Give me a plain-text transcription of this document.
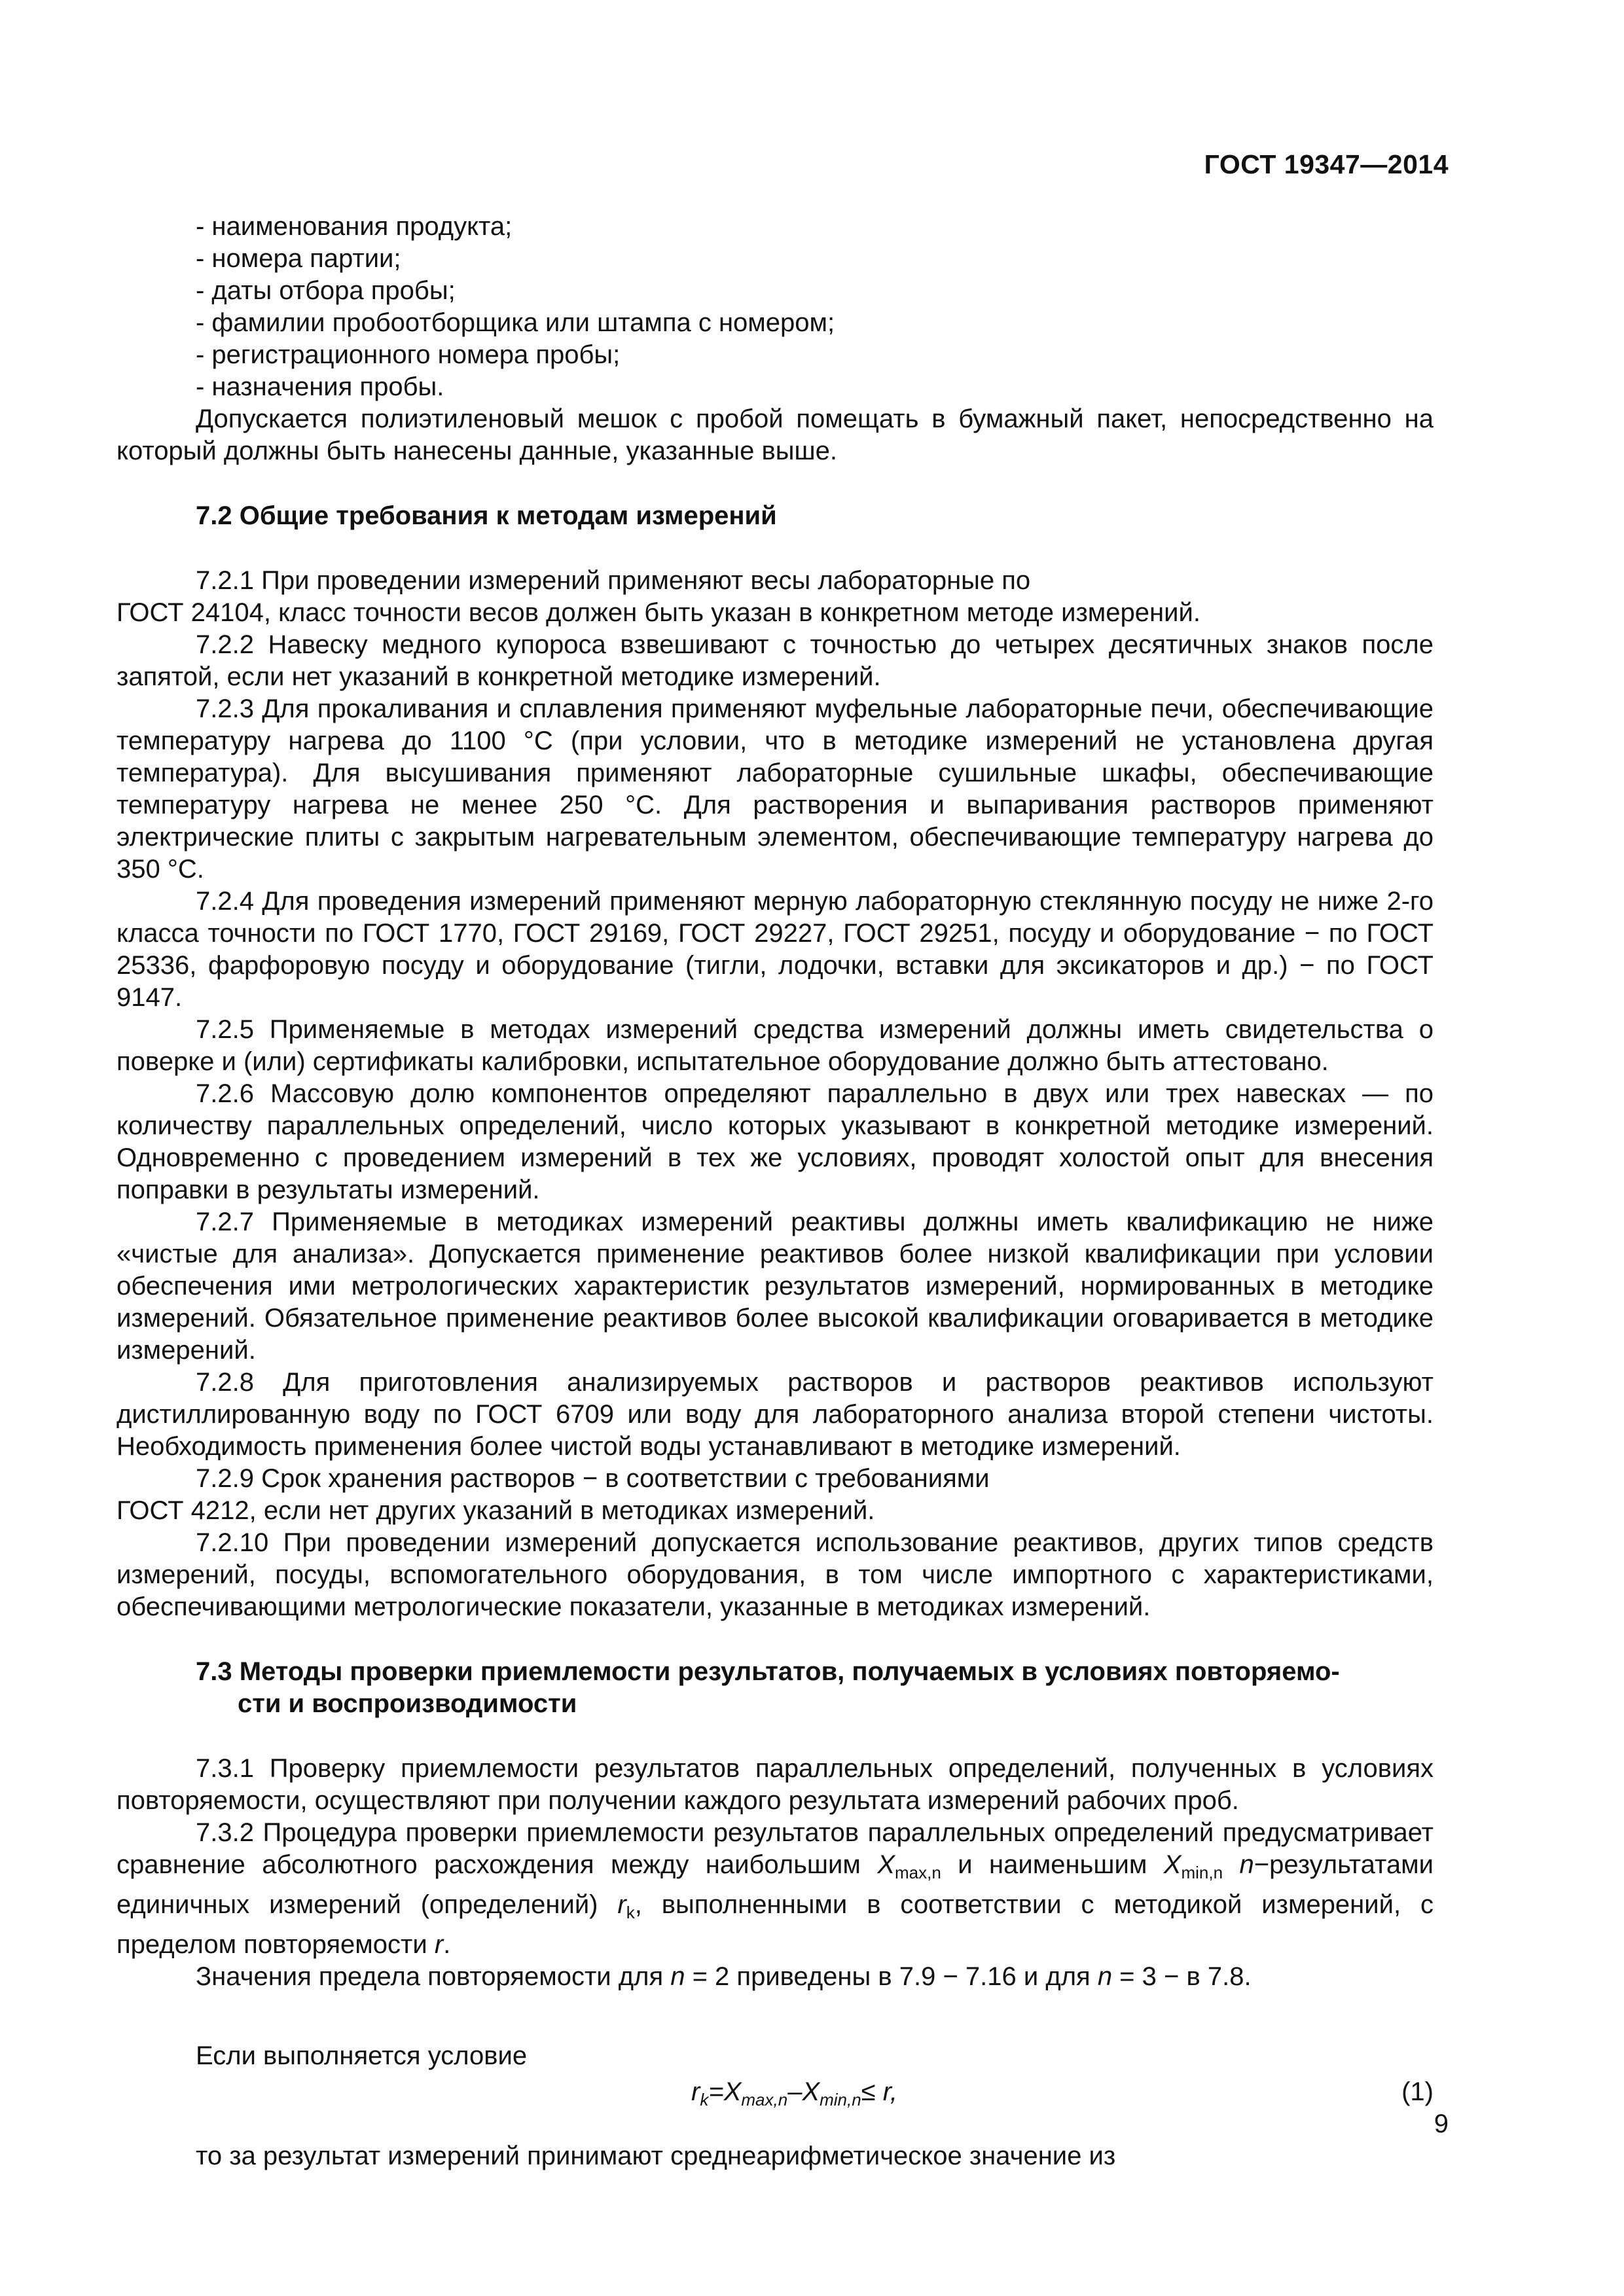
ГОСТ 19347—2014

- наименования продукта;

- номера партии;

- даты отбора пробы;

- фамилии пробоотборщика или штампа с номером;

- регистрационного номера пробы;

- назначения пробы.

Допускается полиэтиленовый мешок с пробой помещать в бумажный пакет, непосредственно на который должны быть нанесены данные, указанные выше.

7.2 Общие требования к методам измерений

7.2.1 При проведении измерений применяют весы лабораторные по

ГОСТ 24104, класс точности весов должен быть указан в конкретном методе измерений.

7.2.2 Навеску медного купороса взвешивают с точностью до четырех десятичных знаков после запятой, если нет указаний в конкретной методике измерений.

7.2.3 Для прокаливания и сплавления применяют муфельные лабораторные печи, обеспечивающие температуру нагрева до 1100 °С (при условии, что в методике измерений не установлена другая температура). Для высушивания применяют лабораторные сушильные шкафы, обеспечивающие температуру нагрева не менее 250 °С. Для растворения и выпаривания растворов применяют электрические плиты с закрытым нагревательным элементом, обеспечивающие температуру нагрева до 350 °С.

7.2.4 Для проведения измерений применяют мерную лабораторную стеклянную посуду не ниже 2-го класса точности по ГОСТ 1770, ГОСТ 29169, ГОСТ 29227, ГОСТ 29251, посуду и оборудование − по ГОСТ 25336, фарфоровую посуду и оборудование (тигли, лодочки, вставки для эксикаторов и др.) − по ГОСТ 9147.

7.2.5 Применяемые в методах измерений средства измерений должны иметь свидетельства о поверке и (или) сертификаты калибровки, испытательное оборудование должно быть аттестовано.

7.2.6 Массовую долю компонентов определяют параллельно в двух или трех навесках — по количеству параллельных определений, число которых указывают в конкретной методике измерений. Одновременно с проведением измерений в тех же условиях, проводят холостой опыт для внесения поправки в результаты измерений.

7.2.7 Применяемые в методиках измерений реактивы должны иметь квалификацию не ниже «чистые для анализа». Допускается применение реактивов более низкой квалификации при условии обеспечения ими метрологических характеристик результатов измерений, нормированных в методике измерений. Обязательное применение реактивов более высокой квалификации оговаривается в методике измерений.

7.2.8 Для приготовления анализируемых растворов и растворов реактивов используют дистиллированную воду по ГОСТ 6709 или воду для лабораторного анализа второй степени чистоты. Необходимость применения более чистой воды устанавливают в методике измерений.

7.2.9 Срок хранения растворов − в соответствии с требованиями

ГОСТ 4212, если нет других указаний в методиках измерений.

7.2.10 При проведении измерений допускается использование реактивов, других типов средств измерений, посуды, вспомогательного оборудования, в том числе импортного с характеристиками, обеспечивающими метрологические показатели, указанные в методиках измерений.

7.3 Методы проверки приемлемости результатов, получаемых в условиях повторяемо-
сти и воспроизводимости

7.3.1 Проверку приемлемости результатов параллельных определений, полученных в условиях повторяемости, осуществляют при получении каждого результата измерений рабочих проб.

7.3.2 Процедура проверки приемлемости результатов параллельных определений предусматривает сравнение абсолютного расхождения между наибольшим $X_{max,n}$ и наименьшим $X_{min,n}$ n−результатами единичных измерений (определений) $r_k$, выполненными в соответствии с методикой измерений, с пределом повторяемости r.

Значения предела повторяемости для n = 2 приведены в 7.9 − 7.16 и для n = 3 − в 7.8.

Если выполняется условие

$r_k=X_{max,n}-X_{min,n}\le r$,	(1)

то за результат измерений принимают среднеарифметическое значение из

9
